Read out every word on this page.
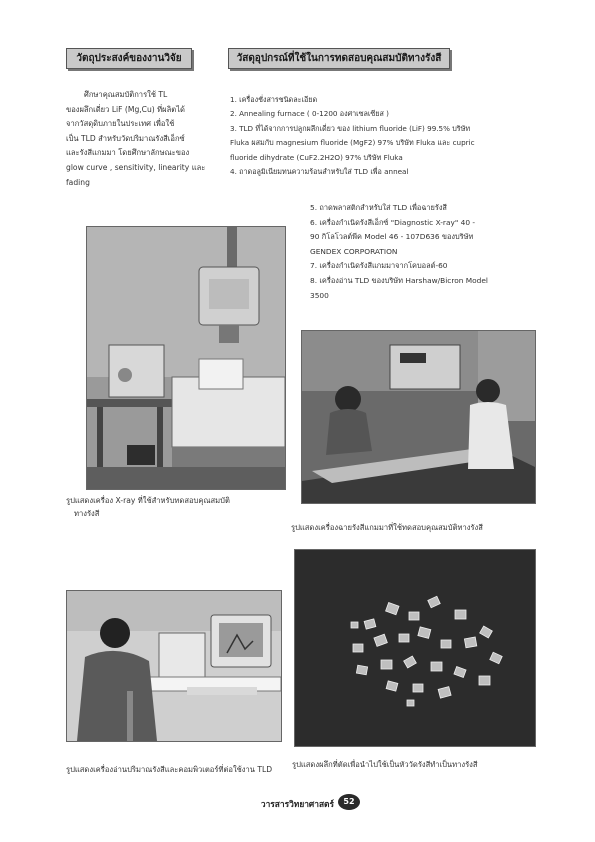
วัตถุประสงค์ของงานวิจัย	วัสดุอุปกรณ์ที่ใช้ในการทดสอบคุณสมบัติทางรังสี

ศึกษาคุณสมบัติการใช้ TL

ของผลึกเดี่ยว LiF (Mg,Cu) ที่ผลิตได้

จากวัสดุดิบภายในประเทศ เพื่อใช้

เป็น TLD สำหรับวัดปริมาณรังสีเอ็กซ์

และรังสีแกมมา โดยศึกษาลักษณะของ

glow curve , sensitivity, linearity และ

fading

1. เครื่องชั่งสารชนิดละเอียด

2. Annealing furnace ( 0-1200 องศาเซลเซียส )

3. TLD ที่ได้จากการปลูกผลึกเดี่ยว ของ lithium fluoride (LiF) 99.5% บริษัท

Fluka ผสมกับ magnesium fluoride (MgF2) 97% บริษัท Fluka และ cupric

fluoride dihydrate (CuF2.2H2O) 97% บริษัท Fluka

4. ถาดอลูมิเนียมทนความร้อนสำหรับใส่ TLD เพื่อ anneal

5. ถาดพลาสติกสำหรับใส่ TLD เพื่อฉายรังสี

6. เครื่องกำเนิดรังสีเอ็กซ์ "Diagnostic X-ray" 40 -

90 กิโลโวลต์พีค Model 46 - 107D636 ของบริษัท

GENDEX CORPORATION

7. เครื่องกำเนิดรังสีแกมมาจากโคบอลต์-60

8. เครื่องอ่าน TLD ของบริษัท Harshaw/Bicron Model

3500

รูปแสดงเครื่อง X-ray ที่ใช้สำหรับทดสอบคุณสมบัติ
ทางรังสี
รูปแสดงเครื่องฉายรังสีแกมมาที่ใช้ทดสอบคุณสมบัติทางรังสี
รูปแสดงเครื่องอ่านปริมาณรังสีและคอมพิวเตอร์ที่ต่อใช้งาน TLD
รูปแสดงผลึกที่ตัดเพื่อนำไปใช้เป็นหัววัดรังสีทำเป็นทางรังสี
วารสารวิทยาศาสตร์	52
